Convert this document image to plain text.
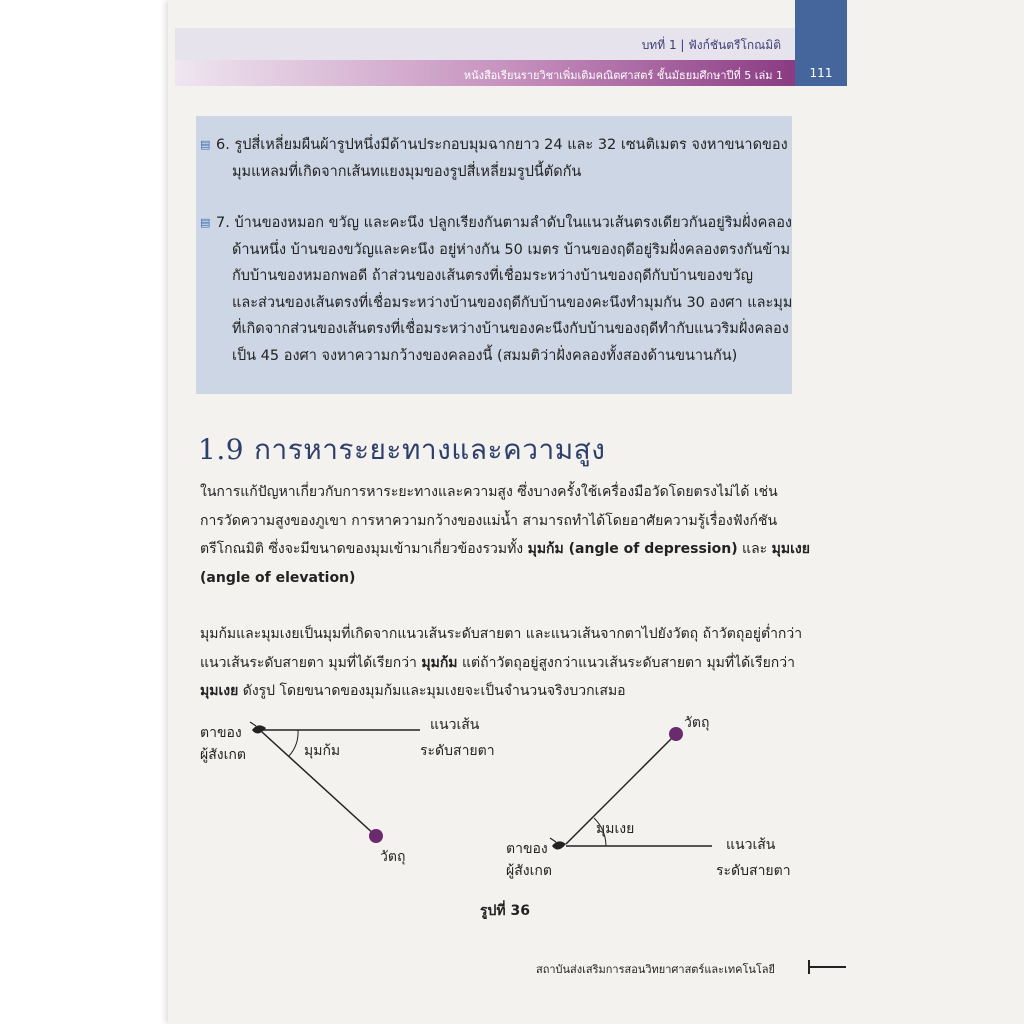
บทที่ 1 | ฟังก์ชันตรีโกณมิติ
หนังสือเรียนรายวิชาเพิ่มเติมคณิตศาสตร์ ชั้นมัธยมศึกษาปีที่ 5 เล่ม 1	111
▤ 6. รูปสี่เหลี่ยมผืนผ้ารูปหนึ่งมีด้านประกอบมุมฉากยาว 24 และ 32 เซนติเมตร จงหาขนาดของ
มุมแหลมที่เกิดจากเส้นทแยงมุมของรูปสี่เหลี่ยมรูปนี้ตัดกัน
▤ 7. บ้านของหมอก ขวัญ และคะนึง ปลูกเรียงกันตามลำดับในแนวเส้นตรงเดียวกันอยู่ริมฝั่งคลอง
ด้านหนึ่ง บ้านของขวัญและคะนึง อยู่ห่างกัน 50 เมตร บ้านของฤดีอยู่ริมฝั่งคลองตรงกันข้าม
กับบ้านของหมอกพอดี ถ้าส่วนของเส้นตรงที่เชื่อมระหว่างบ้านของฤดีกับบ้านของขวัญ
และส่วนของเส้นตรงที่เชื่อมระหว่างบ้านของฤดีกับบ้านของคะนึงทำมุมกัน 30 องศา และมุม
ที่เกิดจากส่วนของเส้นตรงที่เชื่อมระหว่างบ้านของคะนึงกับบ้านของฤดีทำกับแนวริมฝั่งคลอง
เป็น 45 องศา จงหาความกว้างของคลองนี้ (สมมติว่าฝั่งคลองทั้งสองด้านขนานกัน)
1.9 การหาระยะทางและความสูง
ในการแก้ปัญหาเกี่ยวกับการหาระยะทางและความสูง ซึ่งบางครั้งใช้เครื่องมือวัดโดยตรงไม่ได้ เช่น
การวัดความสูงของภูเขา การหาความกว้างของแม่น้ำ สามารถทำได้โดยอาศัยความรู้เรื่องฟังก์ชัน
ตรีโกณมิติ ซึ่งจะมีขนาดของมุมเข้ามาเกี่ยวข้องรวมทั้ง มุมก้ม (angle of depression) และ มุมเงย
(angle of elevation)
มุมก้มและมุมเงยเป็นมุมที่เกิดจากแนวเส้นระดับสายตา และแนวเส้นจากตาไปยังวัตถุ ถ้าวัตถุอยู่ต่ำกว่า
แนวเส้นระดับสายตา มุมที่ได้เรียกว่า มุมก้ม แต่ถ้าวัตถุอยู่สูงกว่าแนวเส้นระดับสายตา มุมที่ได้เรียกว่า
มุมเงย ดังรูป โดยขนาดของมุมก้มและมุมเงยจะเป็นจำนวนจริงบวกเสมอ
ตาของ
ผู้สังเกต
แนวเส้น
ระดับสายตา
มุมก้ม
วัตถุ
วัตถุ
มุมเงย
ตาของ
ผู้สังเกต
แนวเส้น
ระดับสายตา
รูปที่ 36
สถาบันส่งเสริมการสอนวิทยาศาสตร์และเทคโนโลยี
